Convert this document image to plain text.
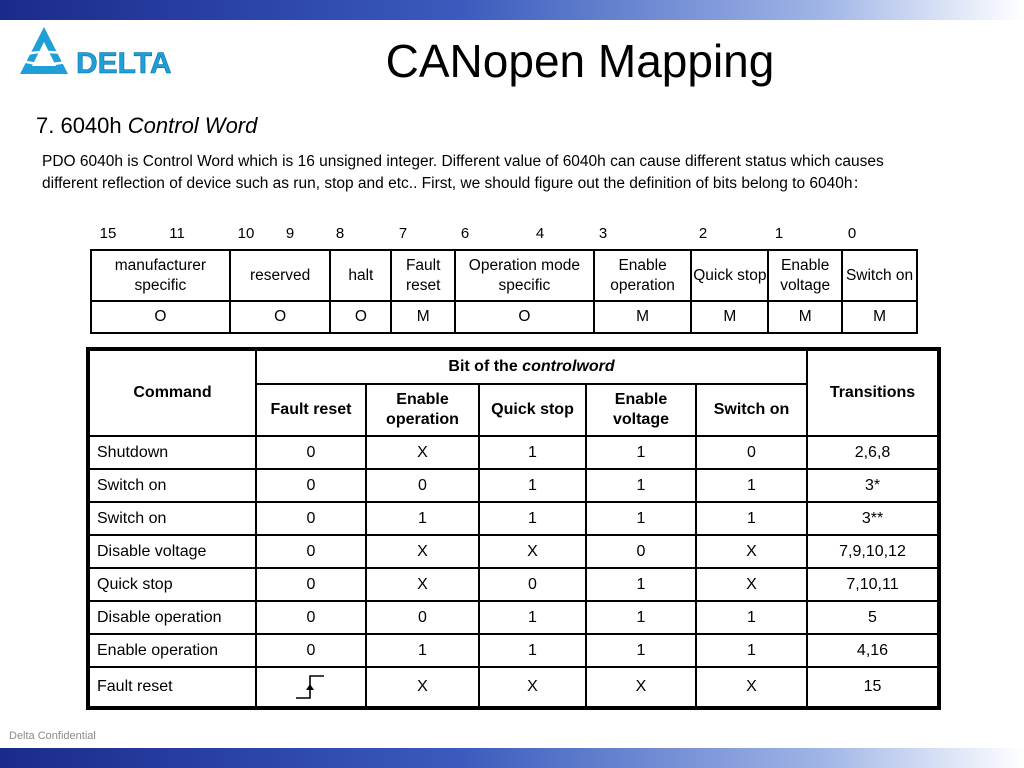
DELTA	CANopen Mapping
7. 6040h Control Word
PDO 6040h is Control Word which is 16 unsigned integer. Different value of 6040h can cause different status which causes different reflection of device such as run, stop and etc.. First, we should figure out the definition of bits belong to 6040h：
15	11	10 9	8	7	6	4	3	2	1	0
manufacturer specific	reserved	halt	Fault reset	Operation mode specific	Enable operation	Quick stop	Enable voltage	Switch on
O	O	O	M	O	M	M	M	M
Command	Bit of the controlword					Transitions
	Fault reset	Enable operation	Quick stop	Enable voltage	Switch on	
Shutdown	0	X	1	1	0	2,6,8
Switch on	0	0	1	1	1	3*
Switch on	0	1	1	1	1	3**
Disable voltage	0	X	X	0	X	7,9,10,12
Quick stop	0	X	0	1	X	7,10,11
Disable operation	0	0	1	1	1	5
Enable operation	0	1	1	1	1	4,16
Fault reset		X	X	X	X	15
Delta Confidential
